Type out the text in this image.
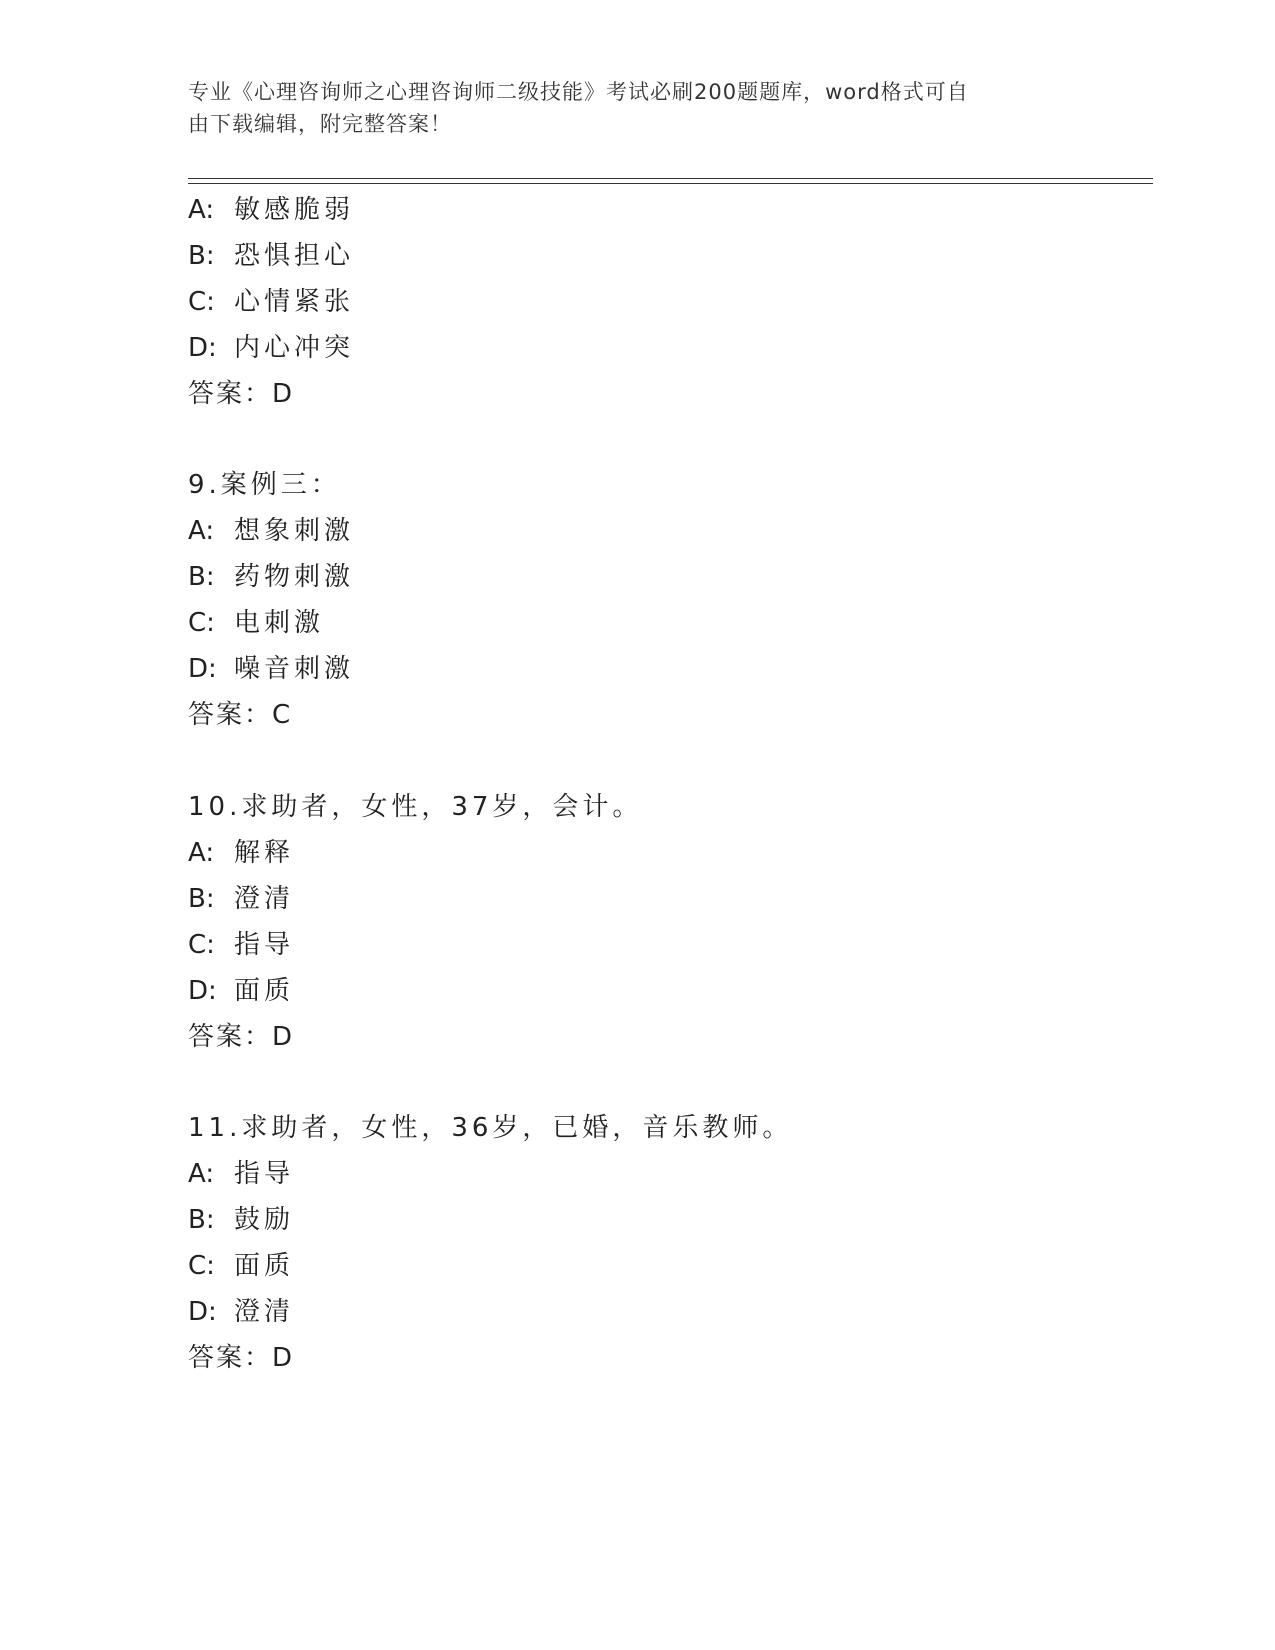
专业《心理咨询师之心理咨询师二级技能》考试必刷200题题库，word格式可自
由下载编辑，附完整答案！
A: 敏感脆弱
B: 恐惧担心
C: 心情紧张
D: 内心冲突
答案：D
9.案例三：
A: 想象刺激
B: 药物刺激
C: 电刺激
D: 噪音刺激
答案：C
10.求助者，女性，37岁，会计。
A: 解释
B: 澄清
C: 指导
D: 面质
答案：D
11.求助者，女性，36岁，已婚，音乐教师。
A: 指导
B: 鼓励
C: 面质
D: 澄清
答案：D
